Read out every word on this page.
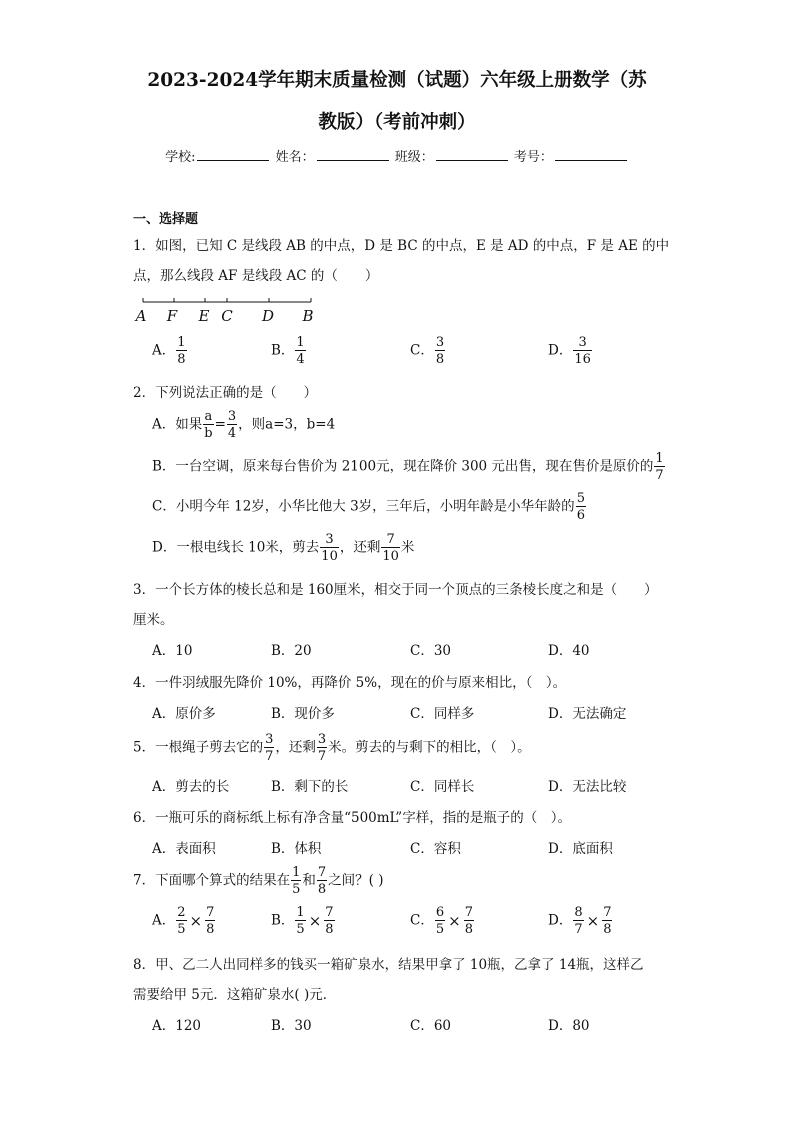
2023-2024学年期末质量检测（试题）六年级上册数学（苏
教版）（考前冲刺）
学校:	姓名：	班级：	考号：
一、选择题
1．如图，已知 C 是线段 AB 的中点，D 是 BC 的中点，E 是 AD 的中点，F 是 AE 的中
点，那么线段 AF 是线段 AC 的（　　）
A F E C D B
A． $\frac{1}{8}$	B． $\frac{1}{4}$	C． $\frac{3}{8}$	D． $\frac{3}{16}$
2．下列说法正确的是（　　）
A．如果 $\frac{a}{b} = \frac{3}{4}$ ，则a=3，b=4
B．一台空调，原来每台售价为 2100元，现在降价 300 元出售，现在售价是原价的 $\frac{1}{7}$
C．小明今年 12岁，小华比他大 3岁，三年后，小明年龄是小华年龄的 $\frac{5}{6}$
D．一根电线长 10米，剪去 $\frac{3}{10}$ ，还剩 $\frac{7}{10}$ 米
3．一个长方体的棱长总和是 160厘米，相交于同一个顶点的三条棱长度之和是（　　）
厘米。
A．10	B．20	C．30	D．40
4．一件羽绒服先降价 10%，再降价 5%，现在的价与原来相比，（　）。
A．原价多	B．现价多	C．同样多	D．无法确定
5．一根绳子剪去它的 $\frac{3}{7}$ ，还剩 $\frac{3}{7}$ 米。剪去的与剩下的相比，（　）。
A．剪去的长	B．剩下的长	C．同样长	D．无法比较
6．一瓶可乐的商标纸上标有净含量“500mL”字样，指的是瓶子的（　）。
A．表面积	B．体积	C．容积	D．底面积
7．下面哪个算式的结果在 $\frac{1}{5}$ 和 $\frac{7}{8}$ 之间？( )
A． $\frac{2}{5} \times \frac{7}{8}$	B． $\frac{1}{5} \times \frac{7}{8}$	C． $\frac{6}{5} \times \frac{7}{8}$	D． $\frac{8}{7} \times \frac{7}{8}$
8．甲、乙二人出同样多的钱买一箱矿泉水，结果甲拿了 10瓶，乙拿了 14瓶，这样乙
需要给甲 5元．这箱矿泉水( )元．
A．120	B．30	C．60	D．80
